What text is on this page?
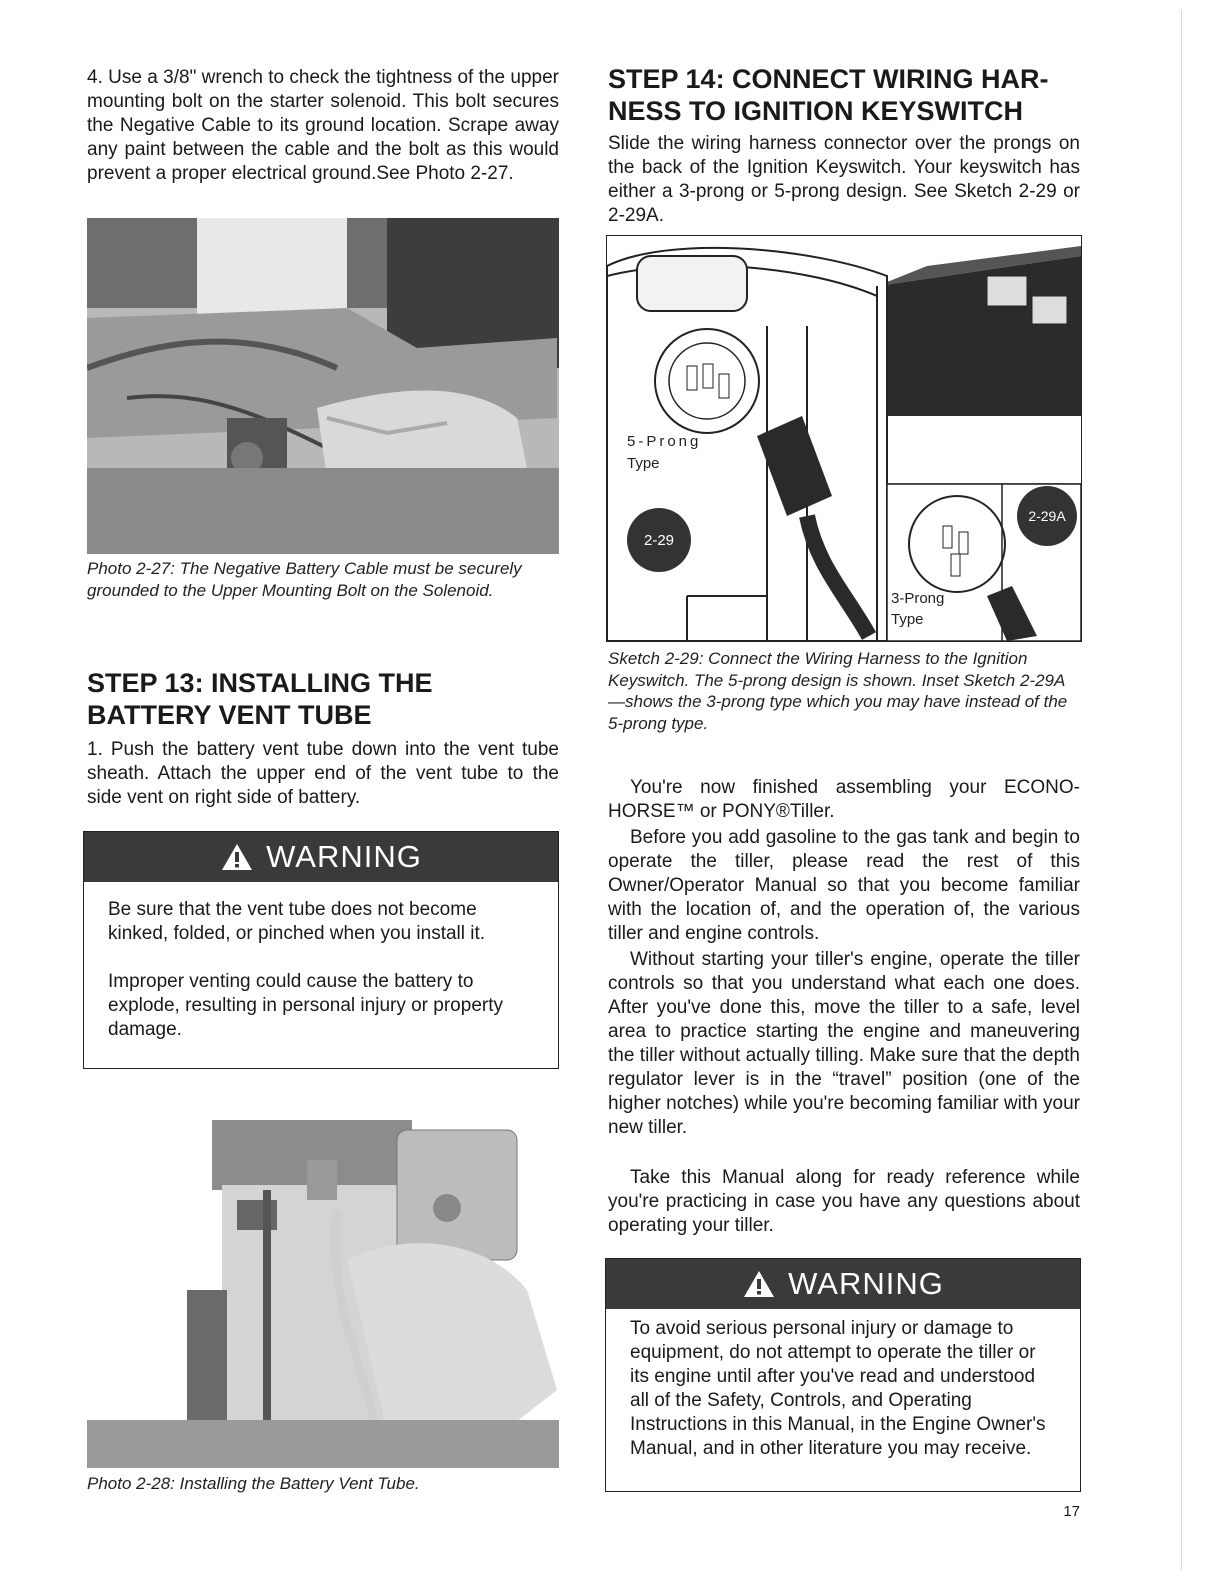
4. Use a 3/8" wrench to check the tightness of the upper mounting bolt on the starter solenoid. This bolt secures the Negative Cable to its ground location. Scrape away any paint between the cable and the bolt as this would prevent a proper electrical ground.See Photo 2-27.

Photo 2-27: The Negative Battery Cable must be securely grounded to the Upper Mounting Bolt on the Solenoid.

STEP 13: INSTALLING THE
BATTERY VENT TUBE

1. Push the battery vent tube down into the vent tube sheath. Attach the upper end of the vent tube to the side vent on right side of battery.

WARNING

Be sure that the vent tube does not become kinked, folded, or pinched when you install it.

Improper venting could cause the battery to explode, resulting in personal injury or property damage.

Photo 2-28: Installing the Battery Vent Tube.

STEP 14: CONNECT WIRING HAR-
NESS TO IGNITION KEYSWITCH

Slide the wiring harness connector over the prongs on the back of the Ignition Keyswitch. Your keyswitch has either a 3-prong or 5-prong design. See Sketch 2-29 or 2-29A.

5-Prong
Type
2-29
2-29A
3-Prong
Type

Sketch 2-29: Connect the Wiring Harness to the Ignition Keyswitch. The 5-prong design is shown. Inset Sketch 2-29A—shows the 3-prong type which you may have instead of the 5-prong type.

You're now finished assembling your ECONO-HORSE™ or PONY®Tiller.

Before you add gasoline to the gas tank and begin to operate the tiller, please read the rest of this Owner/Operator Manual so that you become familiar with the location of, and the operation of, the various tiller and engine controls.

Without starting your tiller's engine, operate the tiller controls so that you understand what each one does. After you've done this, move the tiller to a safe, level area to practice starting the engine and maneuvering the tiller without actually tilling. Make sure that the depth regulator lever is in the “travel” position (one of the higher notches) while you're becoming familiar with your new tiller.

Take this Manual along for ready reference while you're practicing in case you have any questions about operating your tiller.

WARNING

To avoid serious personal injury or damage to equipment, do not attempt to operate the tiller or its engine until after you've read and understood all of the Safety, Controls, and Operating Instructions in this Manual, in the Engine Owner's Manual, and in other literature you may receive.

17
